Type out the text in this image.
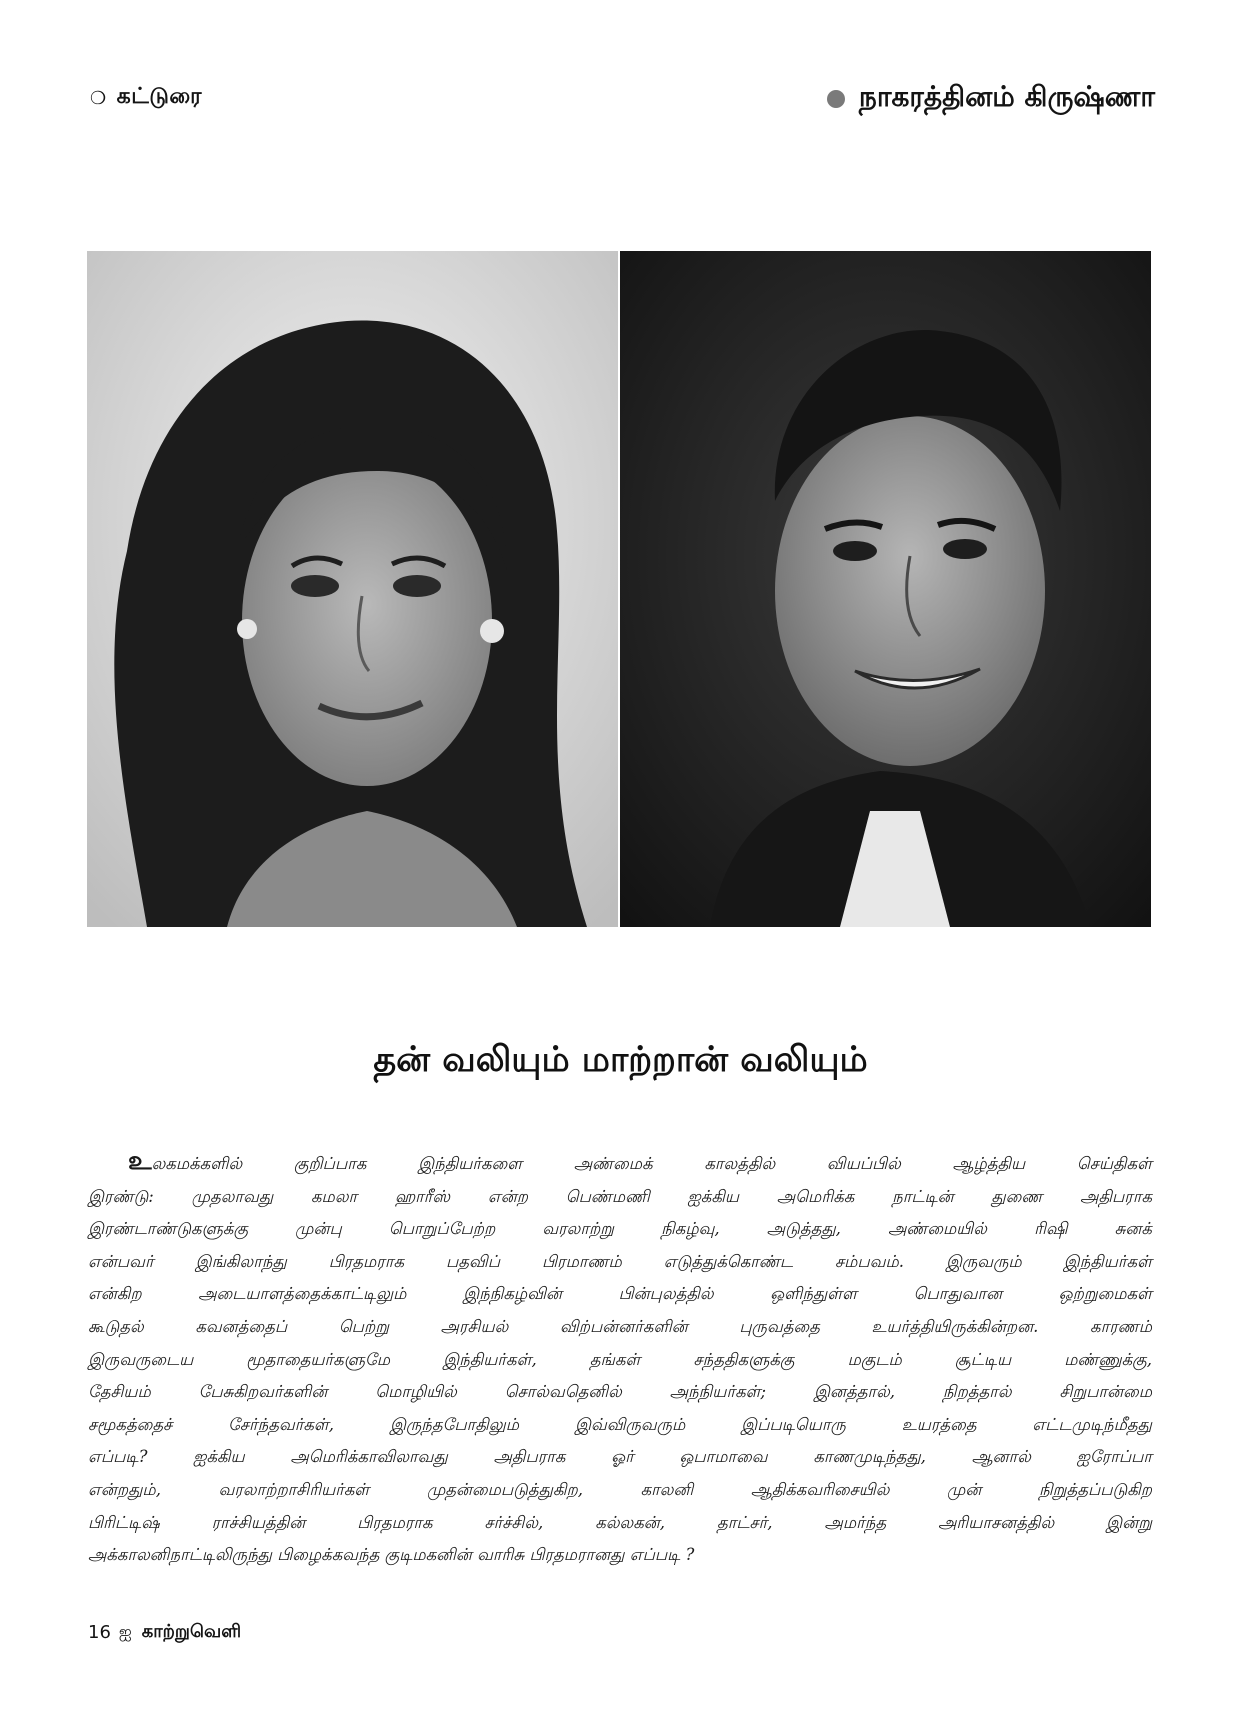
❍ கட்டுரை	நாகரத்தினம் கிருஷ்ணா
தன் வலியும் மாற்றான் வலியும்
உலகமக்களில் குறிப்பாக இந்தியர்களை அண்மைக் காலத்தில் வியப்பில் ஆழ்த்திய செய்திகள்
இரண்டு: முதலாவது கமலா ஹாரீஸ் என்ற பெண்மணி ஐக்கிய அமெரிக்க நாட்டின் துணை அதிபராக
இரண்டாண்டுகளுக்கு முன்பு பொறுப்பேற்ற வரலாற்று நிகழ்வு, அடுத்தது, அண்மையில் ரிஷி சுனக்
என்பவர் இங்கிலாந்து பிரதமராக பதவிப் பிரமாணம் எடுத்துக்கொண்ட சம்பவம். இருவரும் இந்தியர்கள்
என்கிற அடையாளத்தைக்காட்டிலும் இந்நிகழ்வின் பின்புலத்தில் ஒளிந்துள்ள பொதுவான ஒற்றுமைகள்
கூடுதல் கவனத்தைப் பெற்று அரசியல் விற்பன்னர்களின் புருவத்தை உயர்த்தியிருக்கின்றன. காரணம்
இருவருடைய மூதாதையர்களுமே இந்தியர்கள், தங்கள் சந்ததிகளுக்கு மகுடம் சூட்டிய மண்ணுக்கு,
தேசியம் பேசுகிறவர்களின் மொழியில் சொல்வதெனில் அந்நியர்கள்; இனத்தால், நிறத்தால் சிறுபான்மை
சமூகத்தைச் சேர்ந்தவர்கள், இருந்தபோதிலும் இவ்விருவரும் இப்படியொரு உயரத்தை எட்டமுடிந்மீதது
எப்படி? ஐக்கிய அமெரிக்காவிலாவது அதிபராக ஓர் ஒபாமாவை காணமுடிந்தது, ஆனால் ஐரோப்பா
என்றதும், வரலாற்றாசிரியர்கள் முதன்மைபடுத்துகிற, காலனி ஆதிக்கவரிசையில் முன் நிறுத்தப்படுகிற
பிரிட்டிஷ் ராச்சியத்தின் பிரதமராக சர்ச்சில், கல்லகன், தாட்சர், அமர்ந்த அரியாசனத்தில் இன்று
அக்காலனிநாட்டிலிருந்து பிழைக்கவந்த குடிமகனின் வாரிசு பிரதமரானது எப்படி ?
16 ஐ காற்றுவெளி
